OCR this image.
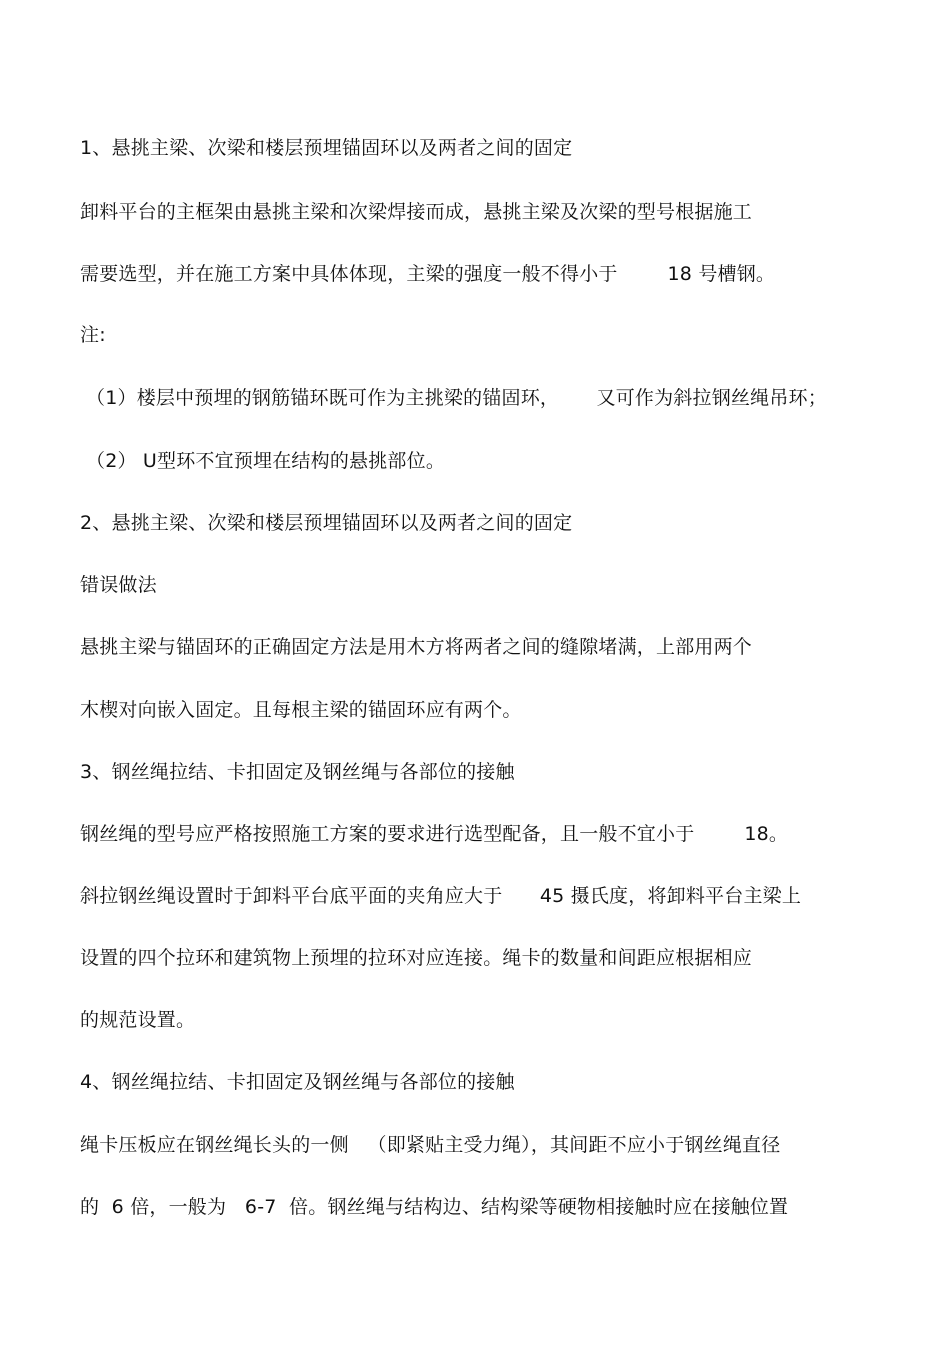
1、悬挑主梁、次梁和楼层预埋锚固环以及两者之间的固定
卸料平台的主框架由悬挑主梁和次梁焊接而成，悬挑主梁及次梁的型号根据施工
需要选型，并在施工方案中具体体现，主梁的强度一般不得小于        18 号槽钢。
注:
（1）楼层中预埋的钢筋锚环既可作为主挑梁的锚固环，      又可作为斜拉钢丝绳吊环；
（2） U型环不宜预埋在结构的悬挑部位。
2、悬挑主梁、次梁和楼层预埋锚固环以及两者之间的固定
错误做法
悬挑主梁与锚固环的正确固定方法是用木方将两者之间的缝隙堵满，上部用两个
木楔对向嵌入固定。且每根主梁的锚固环应有两个。
3、钢丝绳拉结、卡扣固定及钢丝绳与各部位的接触
钢丝绳的型号应严格按照施工方案的要求进行选型配备，且一般不宜小于        18。
斜拉钢丝绳设置时于卸料平台底平面的夹角应大于      45 摄氏度，将卸料平台主梁上
设置的四个拉环和建筑物上预埋的拉环对应连接。绳卡的数量和间距应根据相应
的规范设置。
4、钢丝绳拉结、卡扣固定及钢丝绳与各部位的接触
绳卡压板应在钢丝绳长头的一侧   （即紧贴主受力绳），其间距不应小于钢丝绳直径
的  6 倍，一般为   6-7  倍。钢丝绳与结构边、结构梁等硬物相接触时应在接触位置
